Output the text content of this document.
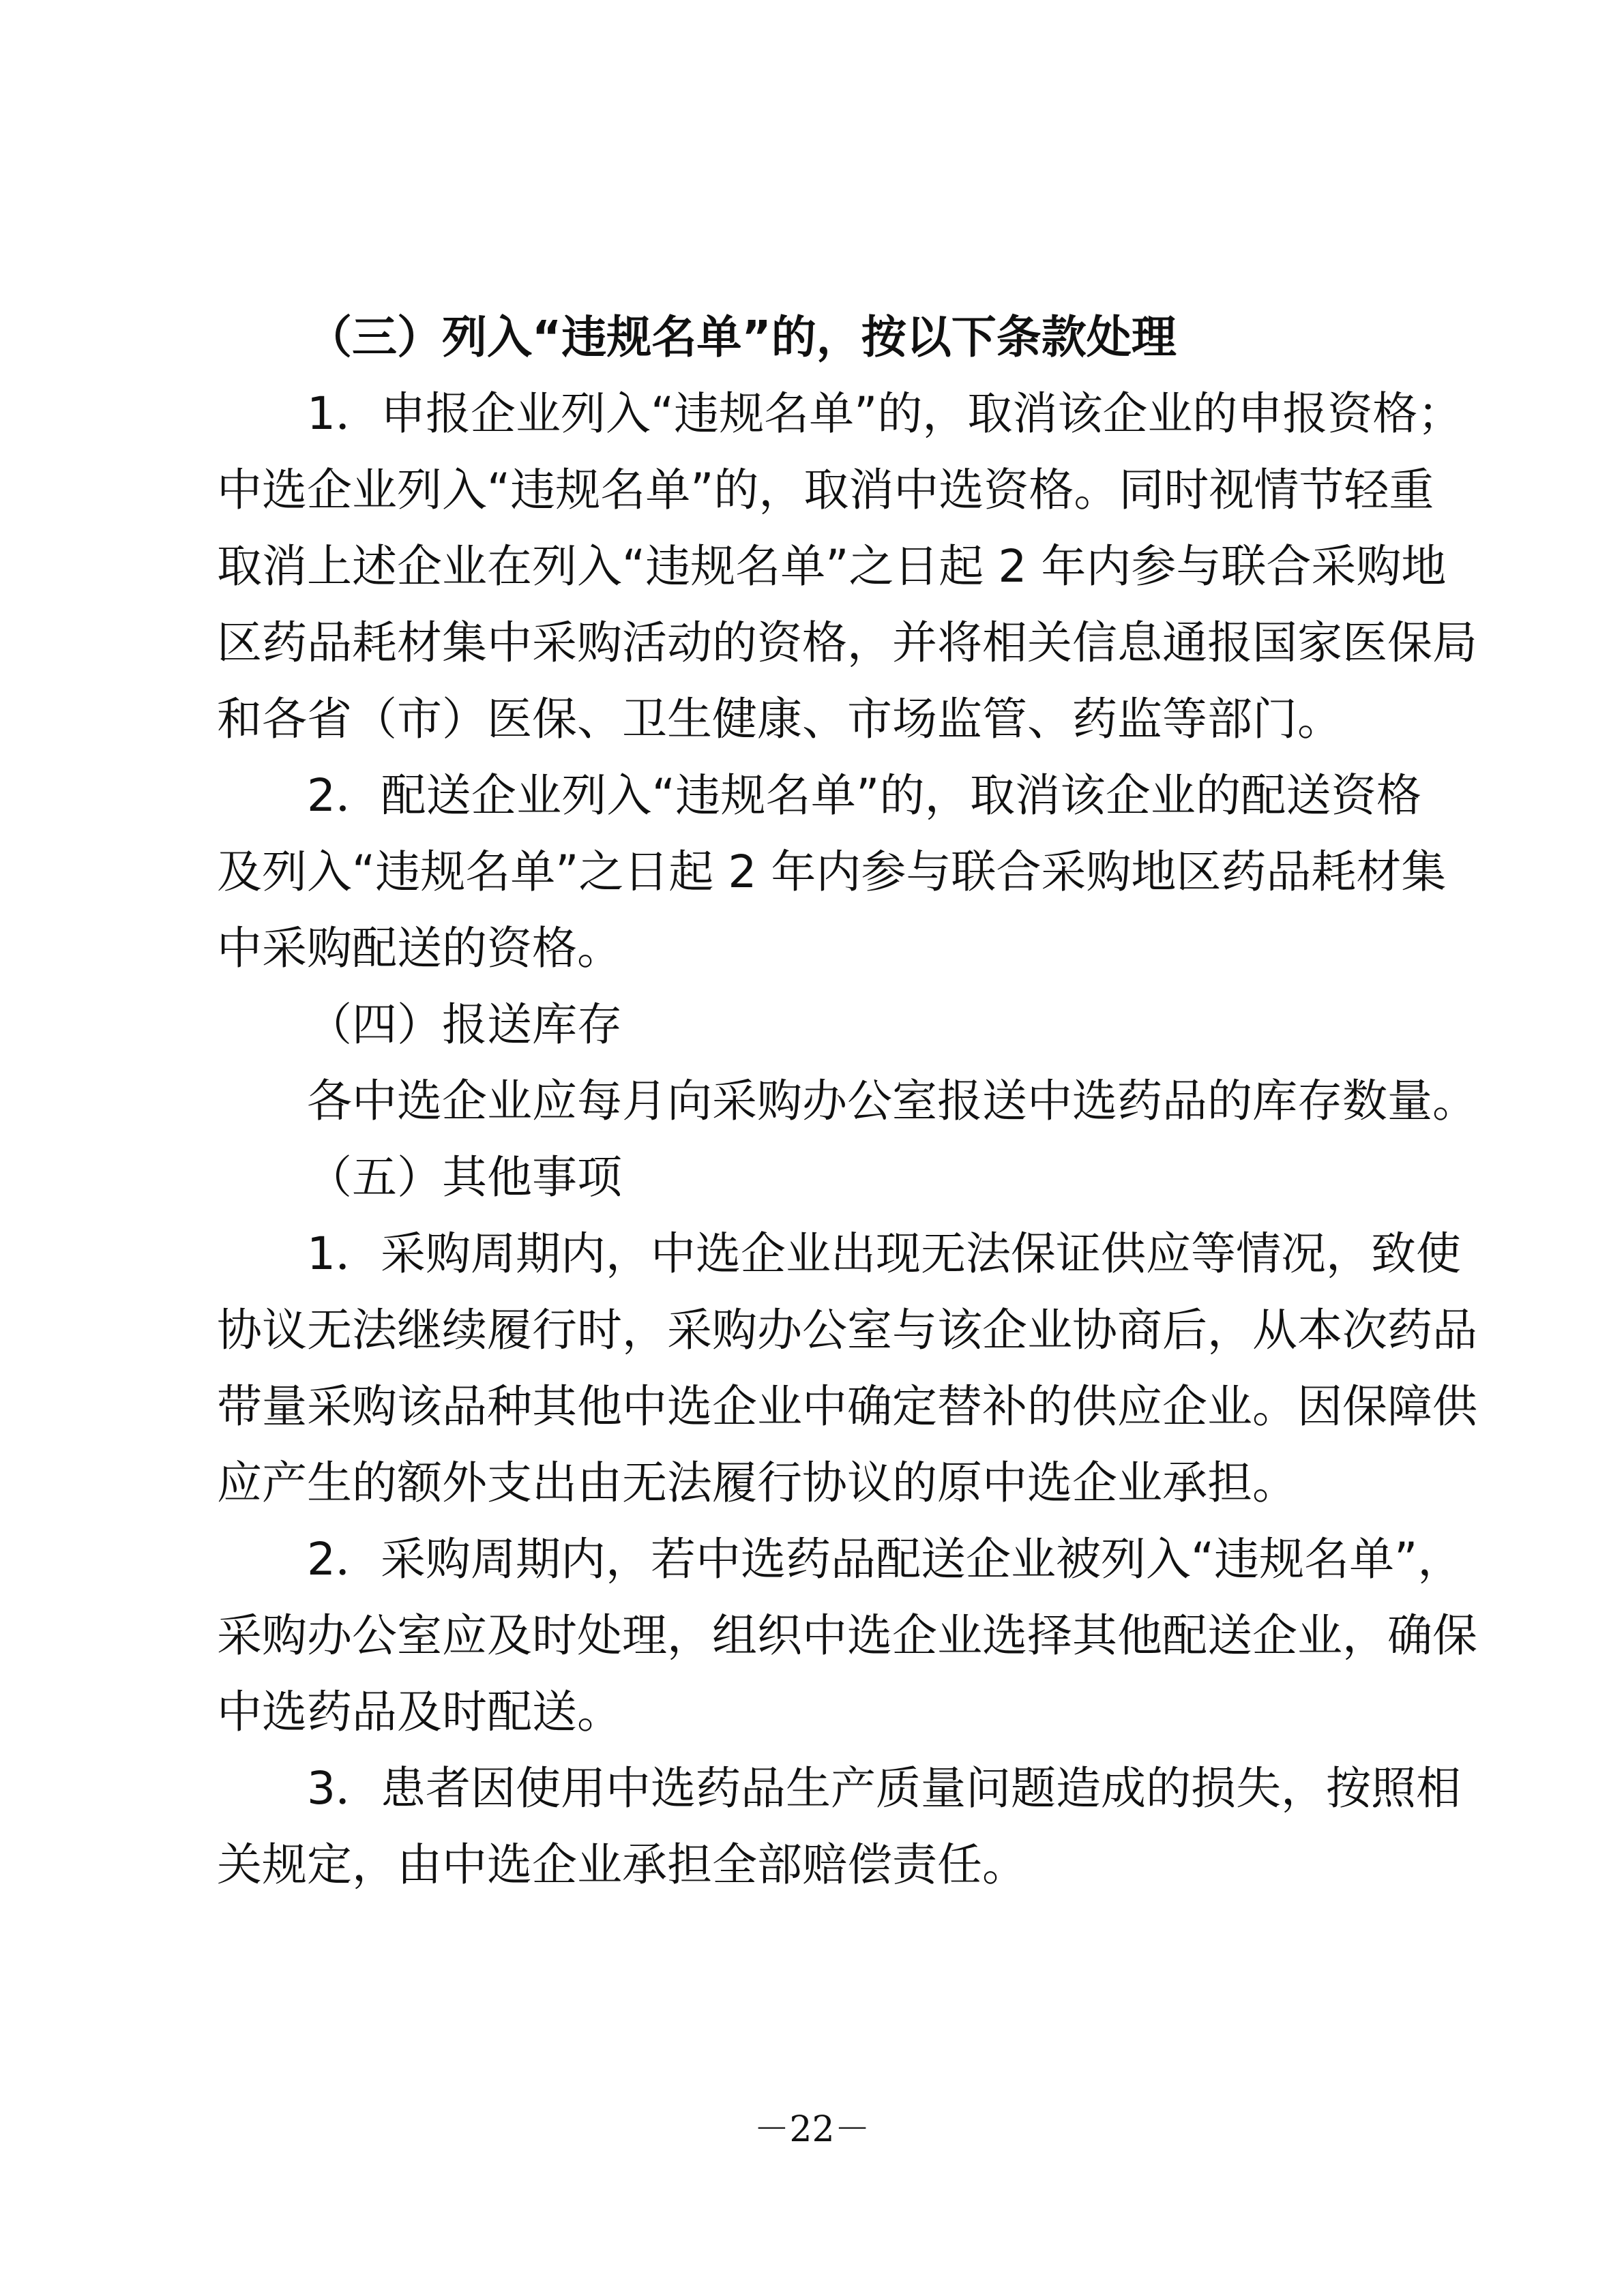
（三）列入“违规名单”的，按以下条款处理
1．申报企业列入“违规名单”的，取消该企业的申报资格；
中选企业列入“违规名单”的，取消中选资格。同时视情节轻重
取消上述企业在列入“违规名单”之日起 2 年内参与联合采购地
区药品耗材集中采购活动的资格，并将相关信息通报国家医保局
和各省（市）医保、卫生健康、市场监管、药监等部门。
2．配送企业列入“违规名单”的，取消该企业的配送资格
及列入“违规名单”之日起 2 年内参与联合采购地区药品耗材集
中采购配送的资格。
（四）报送库存
各中选企业应每月向采购办公室报送中选药品的库存数量。
（五）其他事项
1．采购周期内，中选企业出现无法保证供应等情况，致使
协议无法继续履行时，采购办公室与该企业协商后，从本次药品
带量采购该品种其他中选企业中确定替补的供应企业。因保障供
应产生的额外支出由无法履行协议的原中选企业承担。
2．采购周期内，若中选药品配送企业被列入“违规名单”，
采购办公室应及时处理，组织中选企业选择其他配送企业，确保
中选药品及时配送。
3．患者因使用中选药品生产质量问题造成的损失，按照相
关规定，由中选企业承担全部赔偿责任。
－22－
